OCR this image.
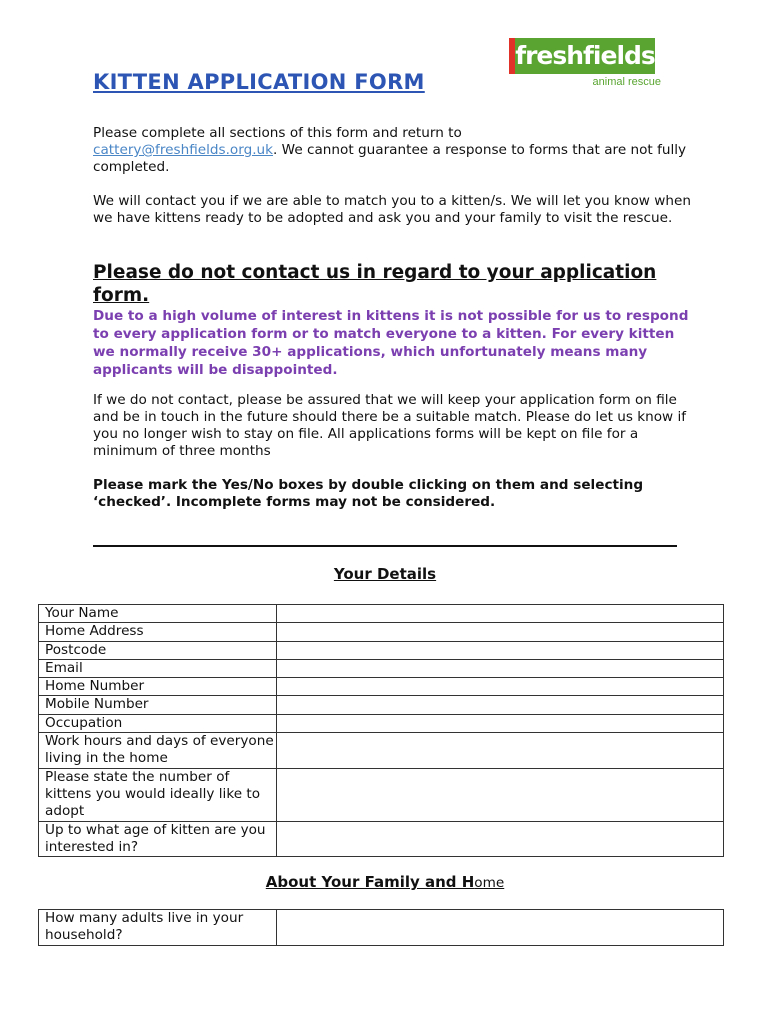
freshfields
animal rescue
KITTEN APPLICATION FORM

Please complete all sections of this form and return to
cattery@freshfields.org.uk. We cannot guarantee a response to forms that are not fully completed.

We will contact you if we are able to match you to a kitten/s. We will let you know when we have kittens ready to be adopted and ask you and your family to visit the rescue.

Please do not contact us in regard to your application form.

Due to a high volume of interest in kittens it is not possible for us to respond to every application form or to match everyone to a kitten. For every kitten we normally receive 30+ applications, which unfortunately means many applicants will be disappointed.

If we do not contact, please be assured that we will keep your application form on file and be in touch in the future should there be a suitable match. Please do let us know if you no longer wish to stay on file. All applications forms will be kept on file for a minimum of three months

Please mark the Yes/No boxes by double clicking on them and selecting ‘checked’. Incomplete forms may not be considered.

Your Details
Your Name	
Home Address	
Postcode	
Email	
Home Number	
Mobile Number	
Occupation	
Work hours and days of everyone living in the home	
Please state the number of kittens you would ideally like to adopt	
Up to what age of kitten are you interested in?	
About Your Family and Home
How many adults live in your household?	
